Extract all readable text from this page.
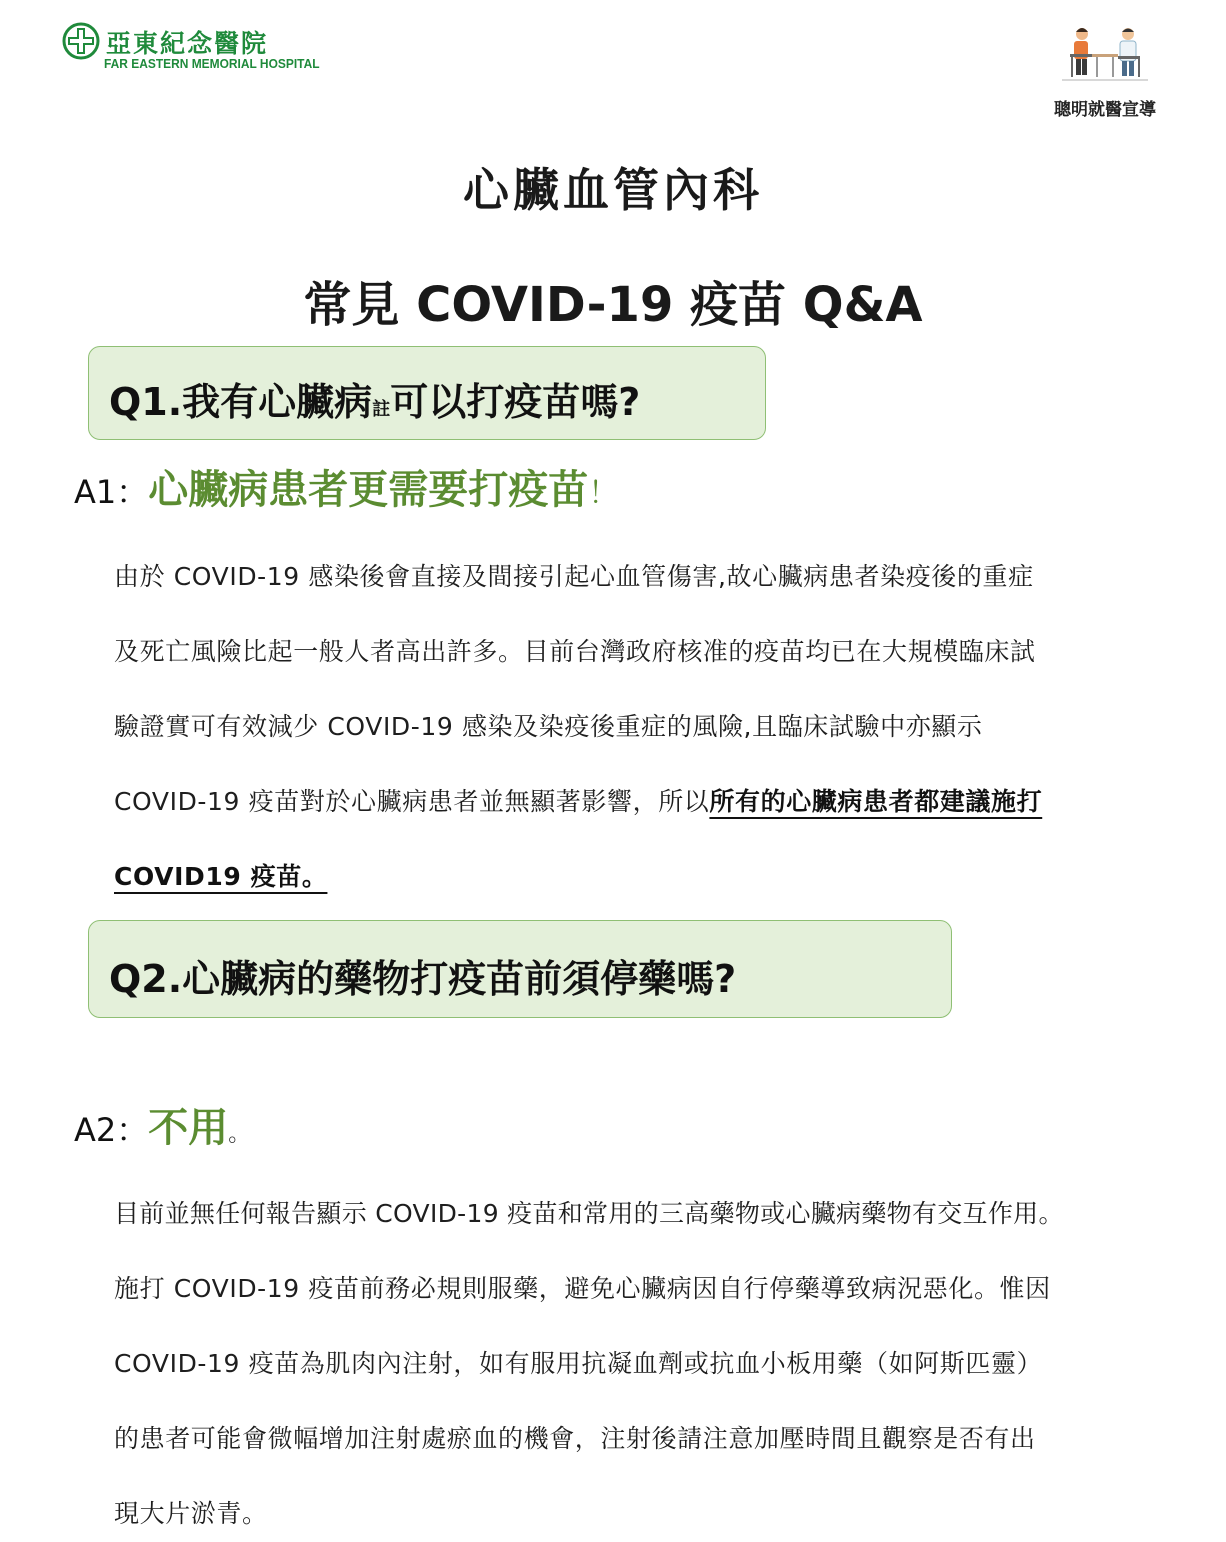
亞東紀念醫院
FAR EASTERN MEMORIAL HOSPITAL
聰明就醫宣導
心臟血管內科
常見 COVID-19 疫苗 Q&A
Q1.我有心臟病註可以打疫苗嗎?
A1：心臟病患者更需要打疫苗！
由於 COVID-19 感染後會直接及間接引起心血管傷害,故心臟病患者染疫後的重症
及死亡風險比起一般人者高出許多。目前台灣政府核准的疫苗均已在大規模臨床試
驗證實可有效減少 COVID-19 感染及染疫後重症的風險,且臨床試驗中亦顯示
COVID-19 疫苗對於心臟病患者並無顯著影響，所以所有的心臟病患者都建議施打
COVID19 疫苗。
Q2.心臟病的藥物打疫苗前須停藥嗎?
A2：不用。
目前並無任何報告顯示 COVID-19 疫苗和常用的三高藥物或心臟病藥物有交互作用。
施打 COVID-19 疫苗前務必規則服藥，避免心臟病因自行停藥導致病況惡化。惟因
COVID-19 疫苗為肌肉內注射，如有服用抗凝血劑或抗血小板用藥（如阿斯匹靈）
的患者可能會微幅增加注射處瘀血的機會，注射後請注意加壓時間且觀察是否有出
現大片淤青。
